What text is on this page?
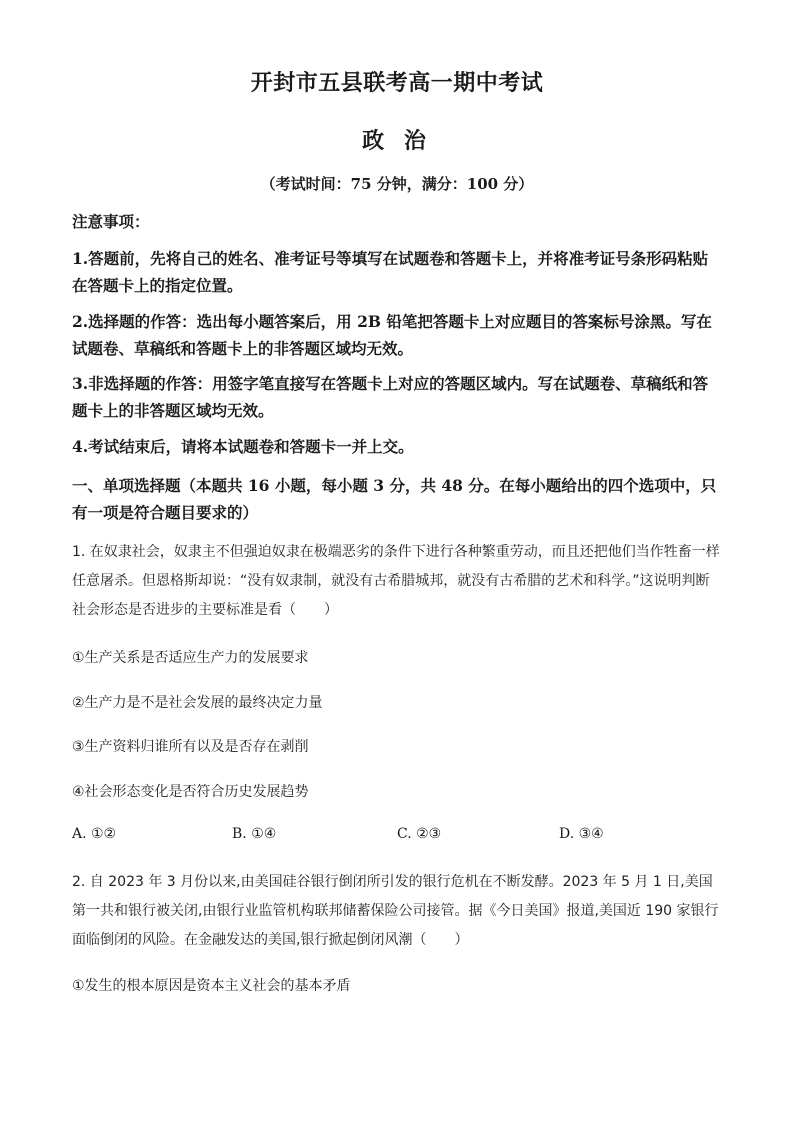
开封市五县联考高一期中考试
政 治
（考试时间：75 分钟，满分：100 分）
注意事项：
1.答题前，先将自己的姓名、准考证号等填写在试题卷和答题卡上，并将准考证号条形码粘贴在答题卡上的指定位置。
2.选择题的作答：选出每小题答案后，用 2B 铅笔把答题卡上对应题目的答案标号涂黑。写在试题卷、草稿纸和答题卡上的非答题区域均无效。
3.非选择题的作答：用签字笔直接写在答题卡上对应的答题区域内。写在试题卷、草稿纸和答题卡上的非答题区域均无效。
4.考试结束后，请将本试题卷和答题卡一并上交。
一、单项选择题（本题共 16 小题，每小题 3 分，共 48 分。在每小题给出的四个选项中，只有一项是符合题目要求的）
1. 在奴隶社会，奴隶主不但强迫奴隶在极端恶劣的条件下进行各种繁重劳动，而且还把他们当作牲畜一样任意屠杀。但恩格斯却说：“没有奴隶制，就没有古希腊城邦，就没有古希腊的艺术和科学。”这说明判断社会形态是否进步的主要标准是看（　　）
①生产关系是否适应生产力的发展要求
②生产力是不是社会发展的最终决定力量
③生产资料归谁所有以及是否存在剥削
④社会形态变化是否符合历史发展趋势
A. ①②	B. ①④	C. ②③	D. ③④
2. 自 2023 年 3 月份以来,由美国硅谷银行倒闭所引发的银行危机在不断发酵。2023 年 5 月 1 日,美国第一共和银行被关闭,由银行业监管机构联邦储蓄保险公司接管。据《今日美国》报道,美国近 190 家银行面临倒闭的风险。在金融发达的美国,银行掀起倒闭风潮（　　）
①发生的根本原因是资本主义社会的基本矛盾
